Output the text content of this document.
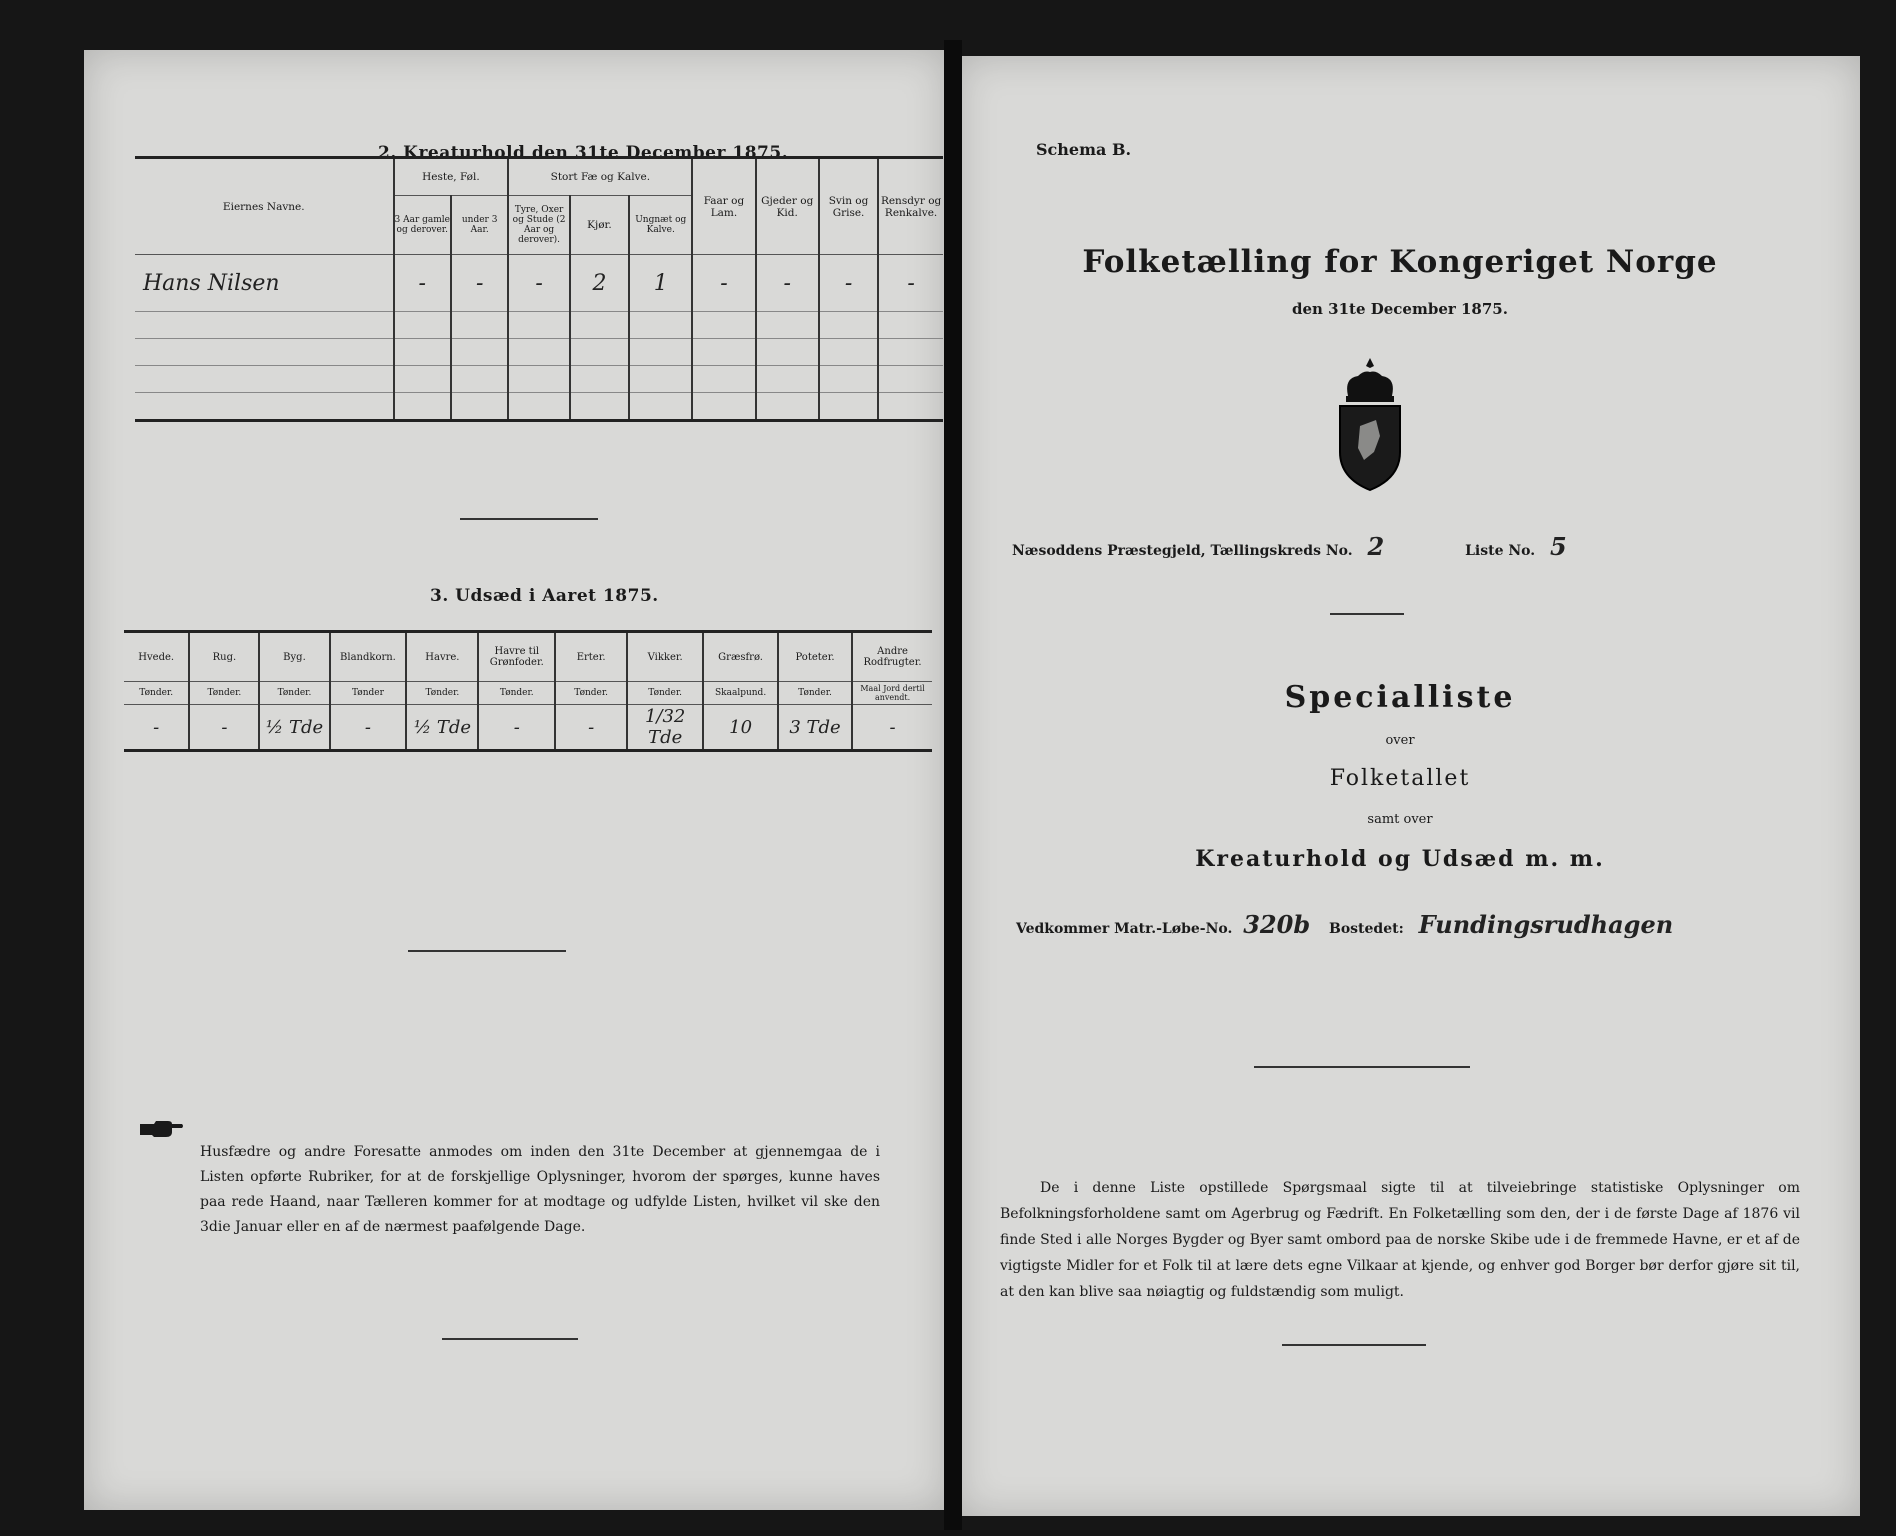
2. Kreaturhold den 31te December 1875.
Eiernes Navne.	Heste, Føl.		Stort Fæ og Kalve.			Faar og Lam.	Gjeder og Kid.	Svin og Grise.	Rensdyr og Renkalve.
	3 Aar gamle og derover.	under 3 Aar.	Tyre, Oxer og Stude (2 Aar og derover).	Kjør.	Ungnæt og Kalve.				
Hans Nilsen	-	-	-	2	1	-	-	-	-

3. Udsæd i Aaret 1875.
Hvede.	Rug.	Byg.	Blandkorn.	Havre.	Havre til Grønfoder.	Erter.	Vikker.	Græsfrø.	Poteter.	Andre Rodfrugter.
Tønder.	Tønder.	Tønder.	Tønder	Tønder.	Tønder.	Tønder.	Tønder.	Skaalpund.	Tønder.	Maal Jord dertil anvendt.
-	-	½ Tde	-	½ Tde	-	-	1/32 Tde	10	3 Tde	-
Husfædre og andre Foresatte anmodes om inden den 31te December at gjennemgaa de i Listen opførte Rubriker, for at de forskjellige Oplysninger, hvorom der spørges, kunne haves paa rede Haand, naar Tælleren kommer for at modtage og udfylde Listen, hvilket vil ske den 3die Januar eller en af de nærmest paafølgende Dage.
Schema B.
Folketælling for Kongeriget Norge
den 31te December 1875.
Næsoddens Præstegjeld, Tællingskreds No. 2	Liste No. 5
Specialliste
over
Folketallet
samt over
Kreaturhold og Udsæd m. m.
Vedkommer Matr.-Løbe-No. 320b Bostedet: Fundingsrudhagen
De i denne Liste opstillede Spørgsmaal sigte til at tilveiebringe statistiske Oplysninger om Befolkningsforholdene samt om Agerbrug og Fædrift. En Folketælling som den, der i de første Dage af 1876 vil finde Sted i alle Norges Bygder og Byer samt ombord paa de norske Skibe ude i de fremmede Havne, er et af de vigtigste Midler for et Folk til at lære dets egne Vilkaar at kjende, og enhver god Borger bør derfor gjøre sit til, at den kan blive saa nøiagtig og fuldstændig som muligt.
